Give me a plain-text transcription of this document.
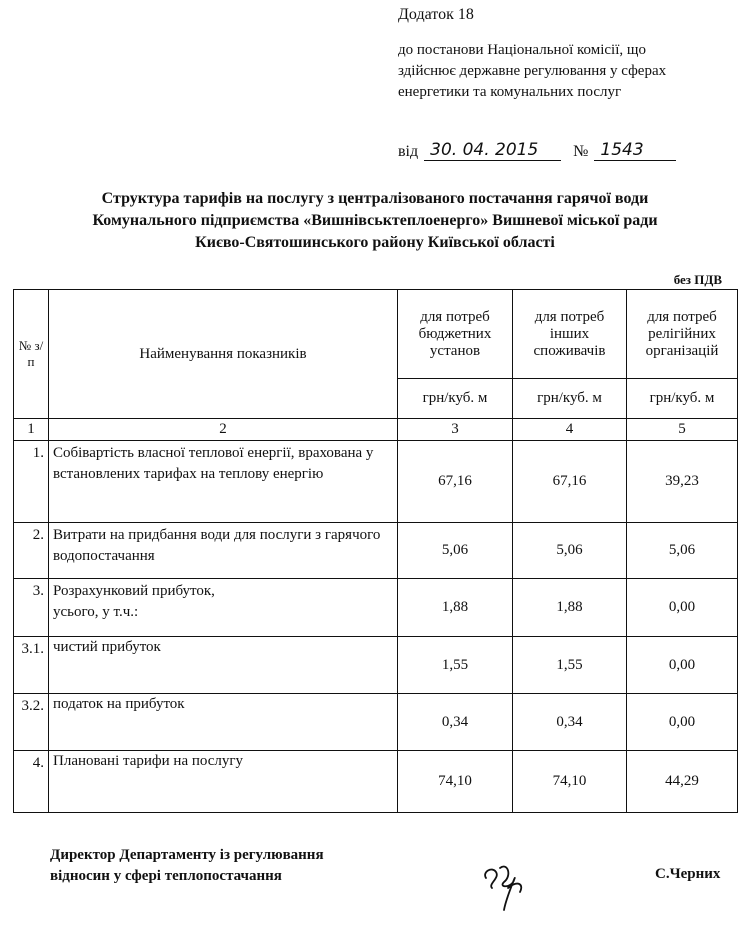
Додаток 18
до постанови Національної комісії, що здійснює державне регулювання у сферах енергетики та комунальних послуг
від 30. 04. 2015	№ 1543
Структура тарифів на послугу з централізованого постачання гарячої води
Комунального підприємства «Вишнівськтеплоенерго» Вишневої міської ради
Києво-Святошинського району Київської області
без ПДВ
№ з/п	Найменування показників	для потреб бюджетних установ	для потреб інших споживачів	для потреб релігійних організацій
		грн/куб. м	грн/куб. м	грн/куб. м
1	2	3	4	5
1.	Собівартість власної теплової енергії, врахована у встановлених тарифах на теплову енергію	67,16	67,16	39,23
2.	Витрати на придбання води для послуги з гарячого водопостачання	5,06	5,06	5,06
3.	Розрахунковий прибуток, усього, у т.ч.:	1,88	1,88	0,00
3.1.	чистий прибуток	1,55	1,55	0,00
3.2.	податок на прибуток	0,34	0,34	0,00
4.	Плановані тарифи на послугу	74,10	74,10	44,29
Директор Департаменту із регулювання
відносин у сфері теплопостачання	С.Черних
